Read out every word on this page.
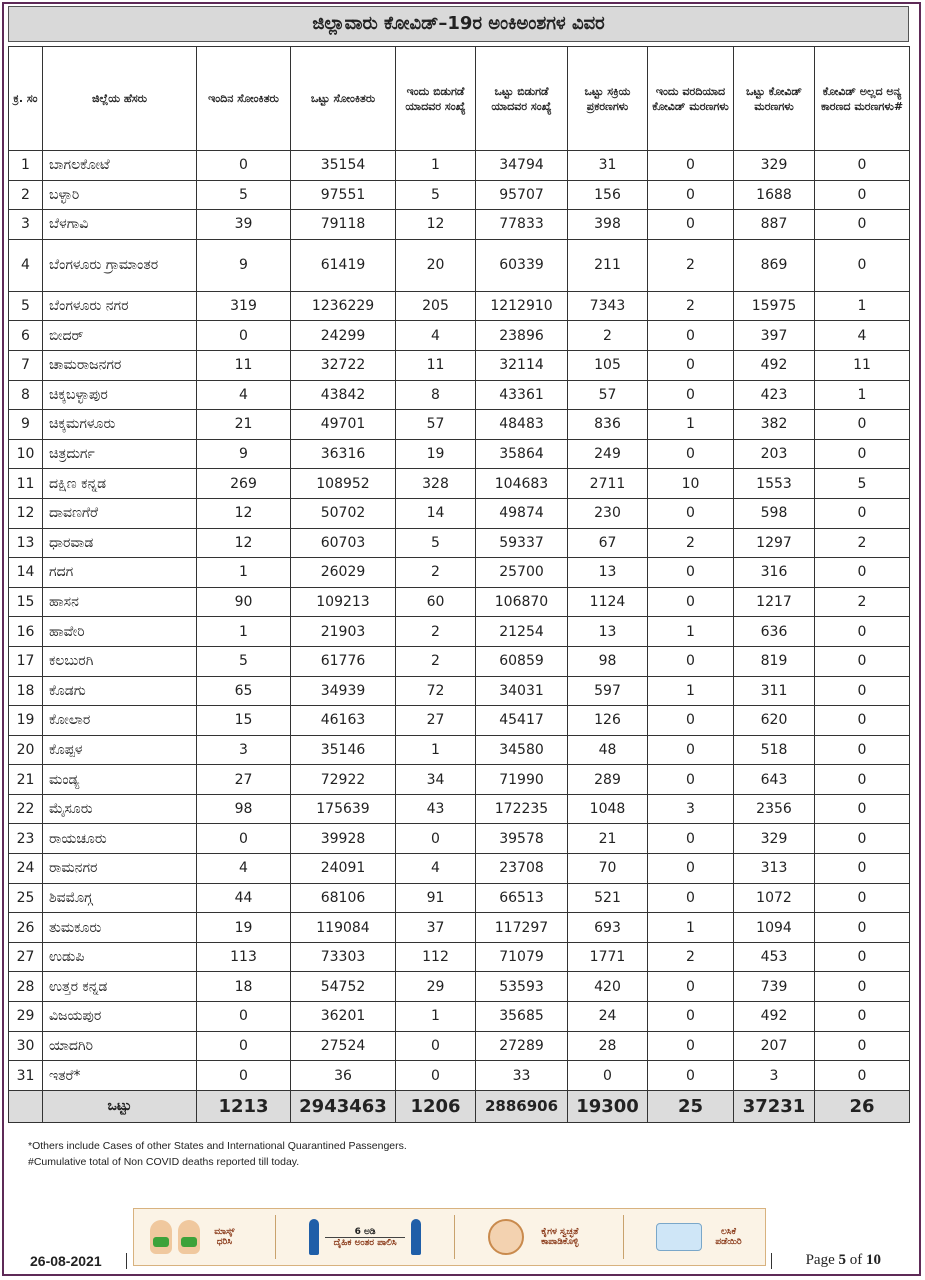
ಜಿಲ್ಲಾವಾರು ಕೋವಿಡ್–19ರ ಅಂಕಿಅಂಶಗಳ ವಿವರ
ಕ್ರ. ಸಂ	ಜಿಲ್ಲೆಯ ಹೆಸರು	ಇಂದಿನ ಸೋಂಕಿತರು	ಒಟ್ಟು ಸೋಂಕಿತರು	ಇಂದು ಬಿಡುಗಡೆ ಯಾದವರ ಸಂಖ್ಯೆ	ಒಟ್ಟು ಬಿಡುಗಡೆ ಯಾದವರ ಸಂಖ್ಯೆ	ಒಟ್ಟು ಸಕ್ರಿಯ ಪ್ರಕರಣಗಳು	ಇಂದು ವರದಿಯಾದ ಕೋವಿಡ್ ಮರಣಗಳು	ಒಟ್ಟು ಕೋವಿಡ್ ಮರಣಗಳು	ಕೋವಿಡ್ ಅಲ್ಲದ ಅನ್ಯ ಕಾರಣದ ಮರಣಗಳು#
1	ಬಾಗಲಕೋಟೆ	0	35154	1	34794	31	0	329	0
2	ಬಳ್ಳಾರಿ	5	97551	5	95707	156	0	1688	0
3	ಬೆಳಗಾವಿ	39	79118	12	77833	398	0	887	0
4	ಬೆಂಗಳೂರು ಗ್ರಾಮಾಂತರ	9	61419	20	60339	211	2	869	0
5	ಬೆಂಗಳೂರು ನಗರ	319	1236229	205	1212910	7343	2	15975	1
6	ಬೀದರ್	0	24299	4	23896	2	0	397	4
7	ಚಾಮರಾಜನಗರ	11	32722	11	32114	105	0	492	11
8	ಚಿಕ್ಕಬಳ್ಳಾಪುರ	4	43842	8	43361	57	0	423	1
9	ಚಿಕ್ಕಮಗಳೂರು	21	49701	57	48483	836	1	382	0
10	ಚಿತ್ರದುರ್ಗ	9	36316	19	35864	249	0	203	0
11	ದಕ್ಷಿಣ ಕನ್ನಡ	269	108952	328	104683	2711	10	1553	5
12	ದಾವಣಗೆರೆ	12	50702	14	49874	230	0	598	0
13	ಧಾರವಾಡ	12	60703	5	59337	67	2	1297	2
14	ಗದಗ	1	26029	2	25700	13	0	316	0
15	ಹಾಸನ	90	109213	60	106870	1124	0	1217	2
16	ಹಾವೇರಿ	1	21903	2	21254	13	1	636	0
17	ಕಲಬುರಗಿ	5	61776	2	60859	98	0	819	0
18	ಕೊಡಗು	65	34939	72	34031	597	1	311	0
19	ಕೋಲಾರ	15	46163	27	45417	126	0	620	0
20	ಕೊಪ್ಪಳ	3	35146	1	34580	48	0	518	0
21	ಮಂಡ್ಯ	27	72922	34	71990	289	0	643	0
22	ಮೈಸೂರು	98	175639	43	172235	1048	3	2356	0
23	ರಾಯಚೂರು	0	39928	0	39578	21	0	329	0
24	ರಾಮನಗರ	4	24091	4	23708	70	0	313	0
25	ಶಿವಮೊಗ್ಗ	44	68106	91	66513	521	0	1072	0
26	ತುಮಕೂರು	19	119084	37	117297	693	1	1094	0
27	ಉಡುಪಿ	113	73303	112	71079	1771	2	453	0
28	ಉತ್ತರ ಕನ್ನಡ	18	54752	29	53593	420	0	739	0
29	ವಿಜಯಪುರ	0	36201	1	35685	24	0	492	0
30	ಯಾದಗಿರಿ	0	27524	0	27289	28	0	207	0
31	ಇತರೆ*	0	36	0	33	0	0	3	0
	ಒಟ್ಟು	1213	2943463	1206	2886906	19300	25	37231	26
*Others include Cases of other States and International Quarantined Passengers.
#Cumulative total of Non COVID deaths reported till today.
ಮಾಸ್ಕ್ ಧರಿಸಿ
6 ಅಡಿ
ದೈಹಿಕ ಅಂತರ ಪಾಲಿಸಿ
ಕೈಗಳ ಸ್ವಚ್ಛತೆ ಕಾಪಾಡಿಕೊಳ್ಳಿ
ಲಸಿಕೆ ಪಡೆಯಿರಿ
26-08-2021	Page 5 of 10
